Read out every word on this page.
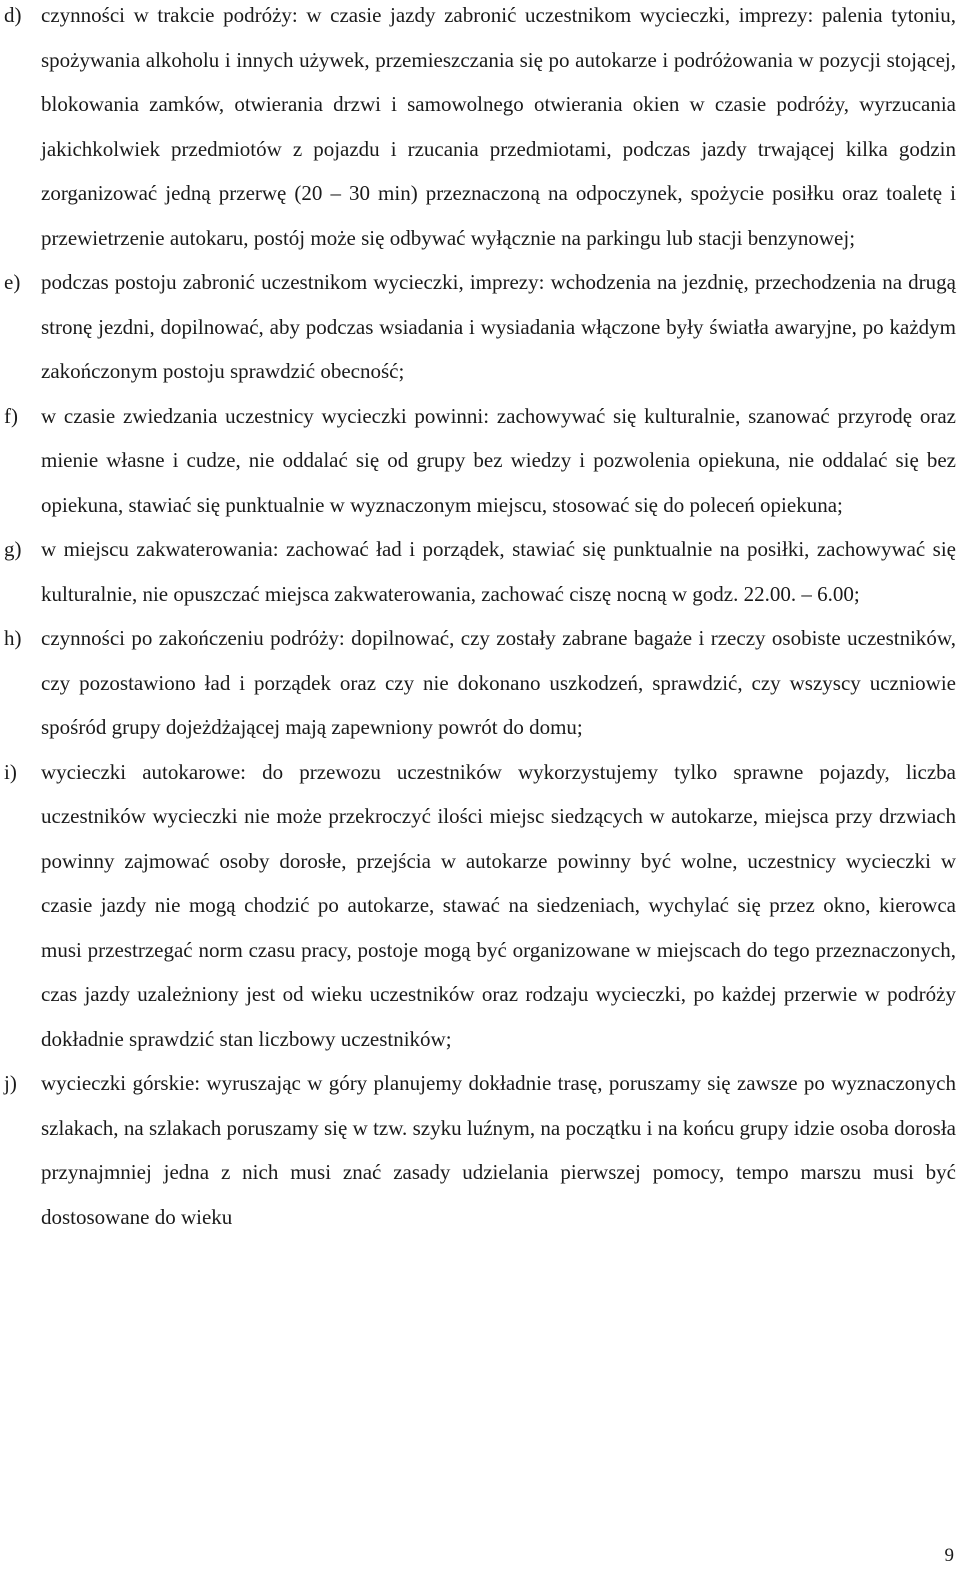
d) czynności w trakcie podróży: w czasie jazdy zabronić uczestnikom wycieczki, imprezy: palenia tytoniu, spożywania alkoholu i innych używek, przemieszczania się po autokarze i podróżowania w pozycji stojącej, blokowania zamków, otwierania drzwi i samowolnego otwierania okien w czasie podróży, wyrzucania jakichkolwiek przedmiotów z pojazdu i rzucania przedmiotami, podczas jazdy trwającej kilka godzin zorganizować jedną przerwę (20 – 30 min) przeznaczoną na odpoczynek, spożycie posiłku oraz toaletę i przewietrzenie autokaru, postój może się odbywać wyłącznie na parkingu lub stacji benzynowej;
e) podczas postoju zabronić uczestnikom wycieczki, imprezy: wchodzenia na jezdnię, przechodzenia na drugą stronę jezdni, dopilnować, aby podczas wsiadania i wysiadania włączone były światła awaryjne, po każdym zakończonym postoju sprawdzić obecność;
f) w czasie zwiedzania uczestnicy wycieczki powinni: zachowywać się kulturalnie, szanować przyrodę oraz mienie własne i cudze, nie oddalać się od grupy bez wiedzy i pozwolenia opiekuna, nie oddalać się bez opiekuna, stawiać się punktualnie w wyznaczonym miejscu, stosować się do poleceń opiekuna;
g) w miejscu zakwaterowania: zachować ład i porządek, stawiać się punktualnie na posiłki, zachowywać się kulturalnie, nie opuszczać miejsca zakwaterowania, zachować ciszę nocną w godz. 22.00. – 6.00;
h) czynności po zakończeniu podróży: dopilnować, czy zostały zabrane bagaże i rzeczy osobiste uczestników, czy pozostawiono ład i porządek oraz czy nie dokonano uszkodzeń, sprawdzić, czy wszyscy uczniowie spośród grupy dojeżdżającej mają zapewniony powrót do domu;
i) wycieczki autokarowe: do przewozu uczestników wykorzystujemy tylko sprawne pojazdy, liczba uczestników wycieczki nie może przekroczyć ilości miejsc siedzących w autokarze, miejsca przy drzwiach powinny zajmować osoby dorosłe, przejścia w autokarze powinny być wolne, uczestnicy wycieczki w czasie jazdy nie mogą chodzić po autokarze, stawać na siedzeniach, wychylać się przez okno, kierowca musi przestrzegać norm czasu pracy, postoje mogą być organizowane w miejscach do tego przeznaczonych, czas jazdy uzależniony jest od wieku uczestników oraz rodzaju wycieczki, po każdej przerwie w podróży dokładnie sprawdzić stan liczbowy uczestników;
j) wycieczki górskie: wyruszając w góry planujemy dokładnie trasę, poruszamy się zawsze po wyznaczonych szlakach, na szlakach poruszamy się w tzw. szyku luźnym, na początku i na końcu grupy idzie osoba dorosła przynajmniej jedna z nich musi znać zasady udzielania pierwszej pomocy, tempo marszu musi być dostosowane do wieku
9
